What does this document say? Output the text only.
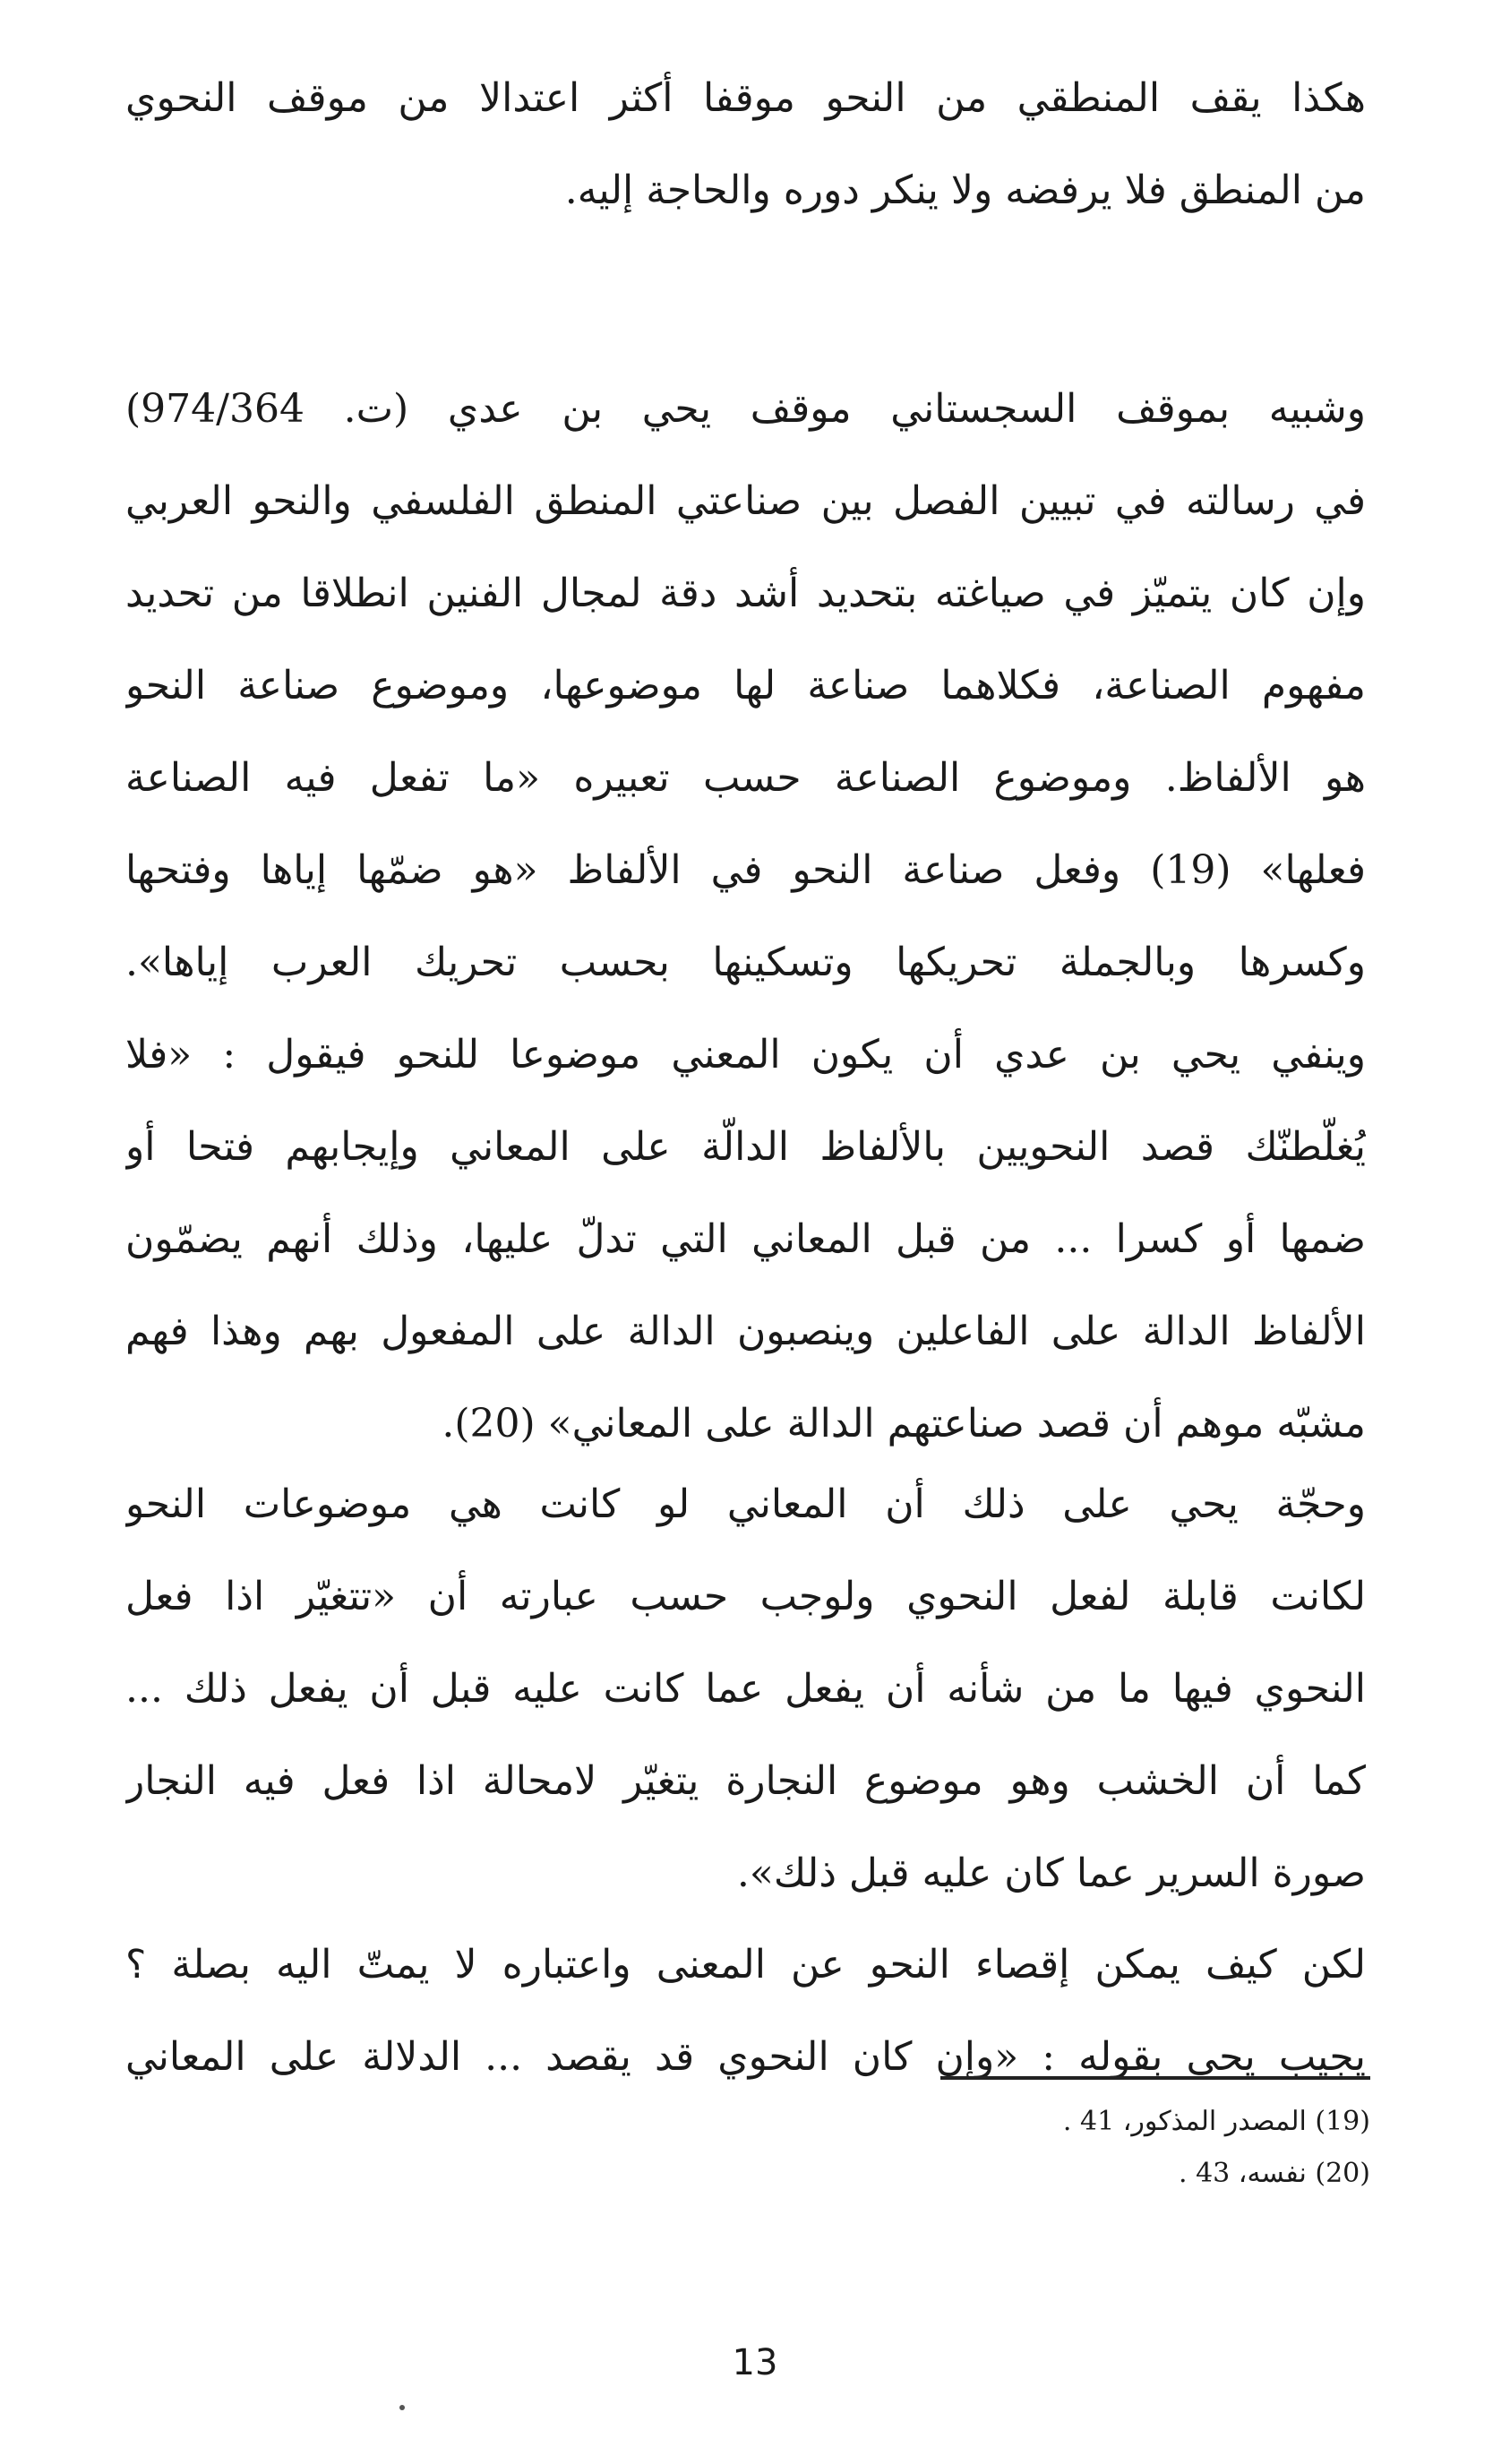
هكذا يقف المنطقي من النحو موقفا أكثر اعتدالا من موقف النحوي
من المنطق فلا يرفضه ولا ينكر دوره والحاجة إليه.
وشبيه بموقف السجستاني موقف يحي بن عدي (ت. 974/364)
في رسالته في تبيين الفصل بين صناعتي المنطق الفلسفي والنحو العربي
وإن كان يتميّز في صياغته بتحديد أشد دقة لمجال الفنين انطلاقا من تحديد
مفهوم الصناعة، فكلاهما صناعة لها موضوعها، وموضوع صناعة النحو
هو الألفاظ. وموضوع الصناعة حسب تعبيره «ما تفعل فيه الصناعة
فعلها» (19) وفعل صناعة النحو في الألفاظ «هو ضمّها إياها وفتحها
وكسرها وبالجملة تحريكها وتسكينها بحسب تحريك العرب إياها».
وينفي يحي بن عدي أن يكون المعني موضوعا للنحو فيقول : «فلا
يُغلّطنّك قصد النحويين بالألفاظ الدالّة على المعاني وإيجابهم فتحا أو
ضمها أو كسرا ... من قبل المعاني التي تدلّ عليها، وذلك أنهم يضمّون
الألفاظ الدالة على الفاعلين وينصبون الدالة على المفعول بهم وهذا فهم
مشبّه موهم أن قصد صناعتهم الدالة على المعاني» (20).
وحجّة يحي على ذلك أن المعاني لو كانت هي موضوعات النحو
لكانت قابلة لفعل النحوي ولوجب حسب عبارته أن «تتغيّر اذا فعل
النحوي فيها ما من شأنه أن يفعل عما كانت عليه قبل أن يفعل ذلك ...
كما أن الخشب وهو موضوع النجارة يتغيّر لامحالة اذا فعل فيه النجار
صورة السرير عما كان عليه قبل ذلك».
لكن كيف يمكن إقصاء النحو عن المعنى واعتباره لا يمتّ اليه بصلة ؟
يجيب يحي بقوله : «وإن كان النحوي قد يقصد ... الدلالة على المعاني
(19) المصدر المذكور، 41 .
(20) نفسه، 43 .
13
